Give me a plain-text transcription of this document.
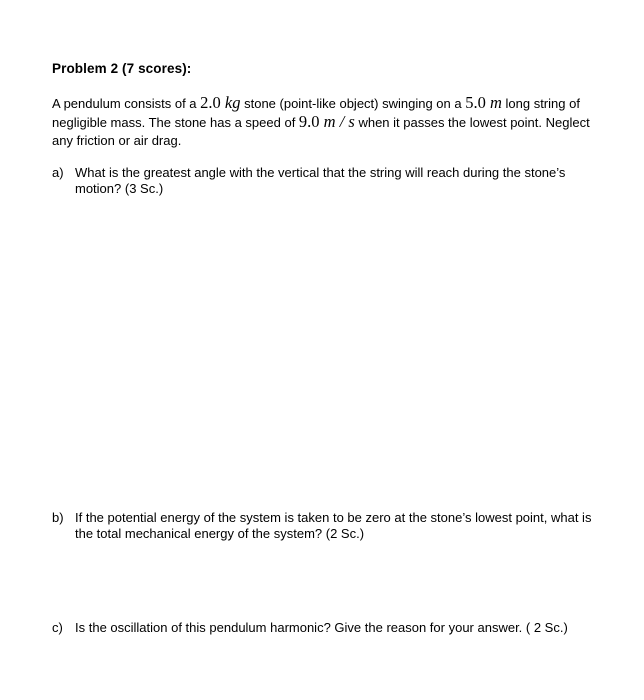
Problem 2 (7 scores):
A pendulum consists of a 2.0 kg stone (point-like object) swinging on a 5.0 m long string of negligible mass. The stone has a speed of 9.0 m / s when it passes the lowest point. Neglect any friction or air drag.
a) What is the greatest angle with the vertical that the string will reach during the stone’s motion? (3 Sc.)
b) If the potential energy of the system is taken to be zero at the stone’s lowest point, what is the total mechanical energy of the system? (2 Sc.)
c) Is the oscillation of this pendulum harmonic? Give the reason for your answer. ( 2 Sc.)
